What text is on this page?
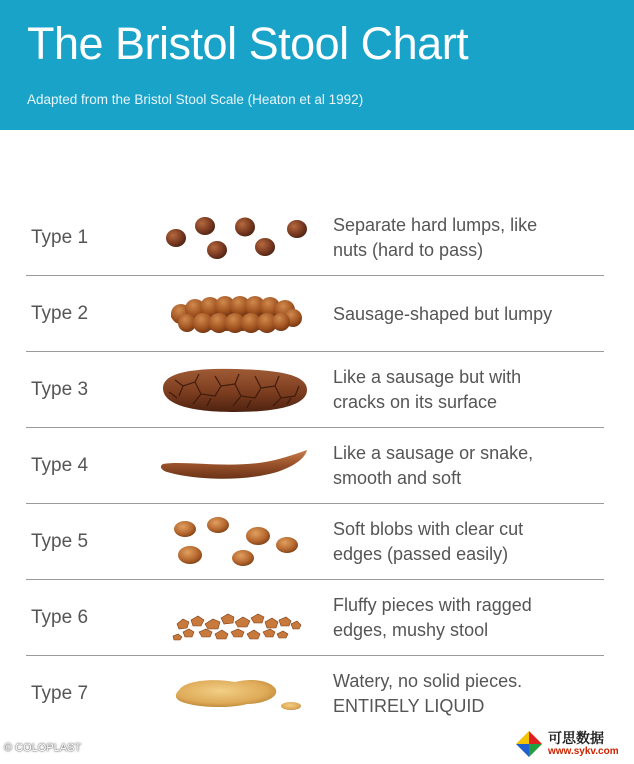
The Bristol Stool Chart
Adapted from the Bristol Stool Scale (Heaton et al 1992)
Type 1
Separate hard lumps, like
nuts (hard to pass)
Type 2	Sausage-shaped but lumpy
Type 3
Like a sausage but with
cracks on its surface
Type 4
Like a sausage or snake,
smooth and soft
Type 5
Soft blobs with clear cut
edges (passed easily)
Type 6
Fluffy pieces with ragged
edges, mushy stool
Type 7
Watery, no solid pieces.
ENTIRELY LIQUID
© COLOPLAST
可思数据
www.sykv.com
